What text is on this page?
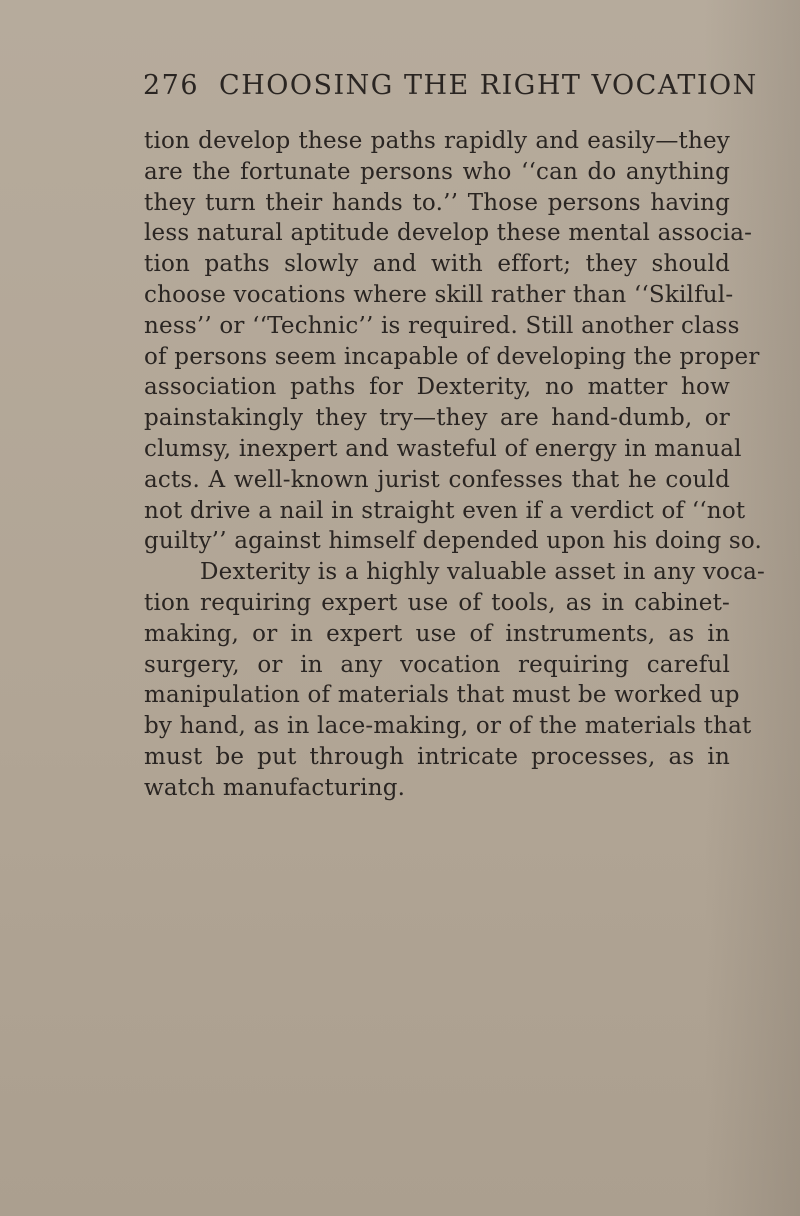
276 CHOOSING THE RIGHT VOCATION
tion develop these paths rapidly and easily—they
are the fortunate persons who ‘‘can do anything
they turn their hands to.’’ Those persons having
less natural aptitude develop these mental associa-
tion paths slowly and with effort; they should
choose vocations where skill rather than ‘‘Skilful-
ness’’ or ‘‘Technic’’ is required. Still another class
of persons seem incapable of developing the proper
association paths for Dexterity, no matter how
painstakingly they try—they are hand-dumb, or
clumsy, inexpert and wasteful of energy in manual
acts. A well-known jurist confesses that he could
not drive a nail in straight even if a verdict of ‘‘not
guilty’’ against himself depended upon his doing so.
Dexterity is a highly valuable asset in any voca-
tion requiring expert use of tools, as in cabinet-
making, or in expert use of instruments, as in
surgery, or in any vocation requiring careful
manipulation of materials that must be worked up
by hand, as in lace-making, or of the materials that
must be put through intricate processes, as in
watch manufacturing.
